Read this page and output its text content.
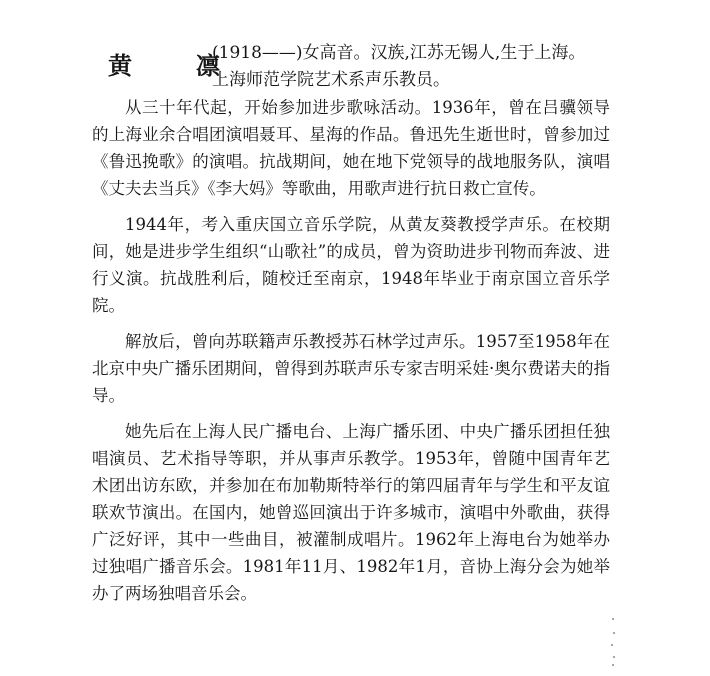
黄　凛
(1918——)女高音。汉族,江苏无锡人,生于上海。
上海师范学院艺术系声乐教员。

从三十年代起，开始参加进步歌咏活动。1936年，曾在吕骥领导的上海业余合唱团演唱聂耳、星海的作品。鲁迅先生逝世时，曾参加过《鲁迅挽歌》的演唱。抗战期间，她在地下党领导的战地服务队，演唱《丈夫去当兵》《李大妈》等歌曲，用歌声进行抗日救亡宣传。

1944年，考入重庆国立音乐学院，从黄友葵教授学声乐。在校期间，她是进步学生组织“山歌社”的成员，曾为资助进步刊物而奔波、进行义演。抗战胜利后，随校迁至南京，1948年毕业于南京国立音乐学院。

解放后，曾向苏联籍声乐教授苏石林学过声乐。1957至1958年在北京中央广播乐团期间，曾得到苏联声乐专家吉明采娃·奥尔费诺夫的指导。

她先后在上海人民广播电台、上海广播乐团、中央广播乐团担任独唱演员、艺术指导等职，并从事声乐教学。1953年，曾随中国青年艺术团出访东欧，并参加在布加勒斯特举行的第四届青年与学生和平友谊联欢节演出。在国内，她曾巡回演出于许多城市，演唱中外歌曲，获得广泛好评，其中一些曲目，被灌制成唱片。1962年上海电台为她举办过独唱广播音乐会。1981年11月、1982年1月，音协上海分会为她举办了两场独唱音乐会。
